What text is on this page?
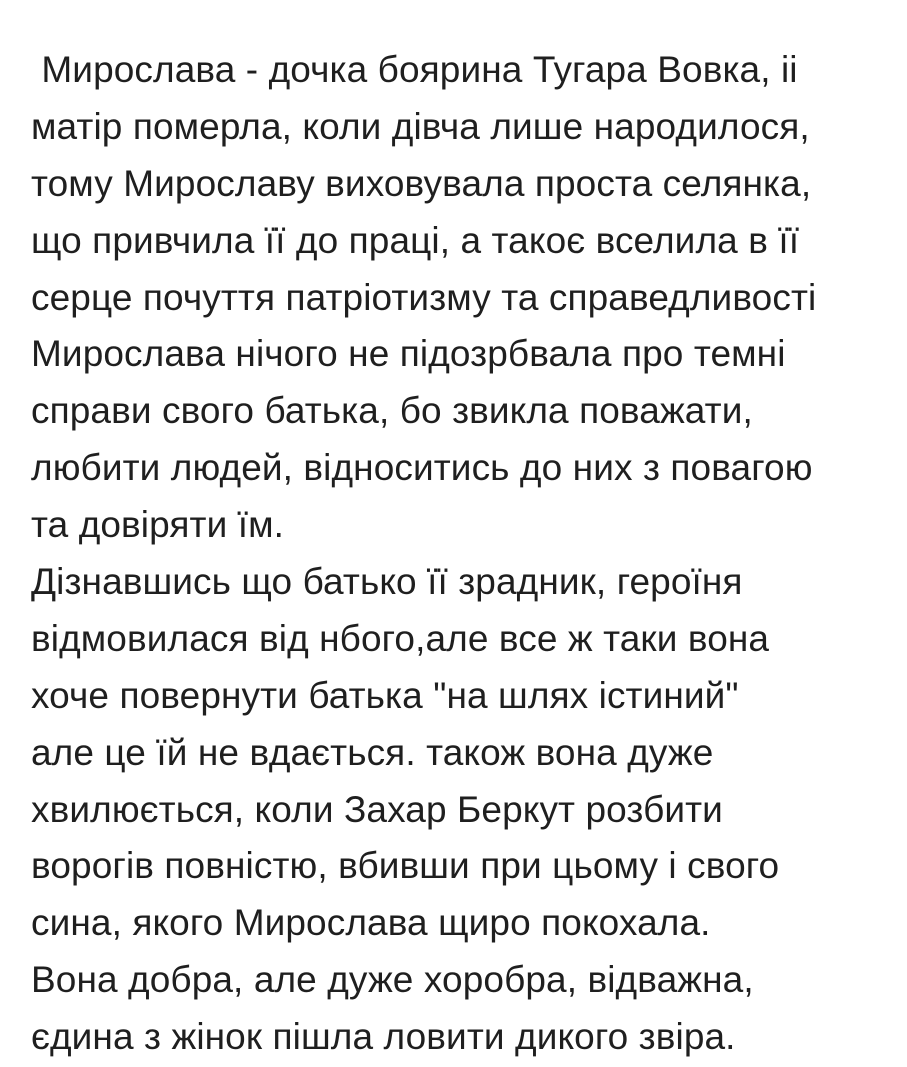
Мирослава - дочка боярина Тугара Вовка, іі
матір померла, коли дівча лише народилося,
тому Мирославу виховувала проста селянка,
що привчила її до праці, а такоє вселила в її
серце почуття патріотизму та справедливості
Мирослава нічого не підозрбвала про темні
справи свого батька, бо звикла поважати,
любити людей, відноситись до них з повагою
та довіряти їм.
Дізнавшись що батько її зрадник, героїня
відмовилася від нбого,але все ж таки вона
хоче повернути батька "на шлях істиний"
але це їй не вдається. також вона дуже
хвилюється, коли Захар Беркут розбити
ворогів повністю, вбивши при цьому і свого
сина, якого Мирослава щиро покохала.
Вона добра, але дуже хоробра, відважна,
єдина з жінок пішла ловити дикого звіра.
